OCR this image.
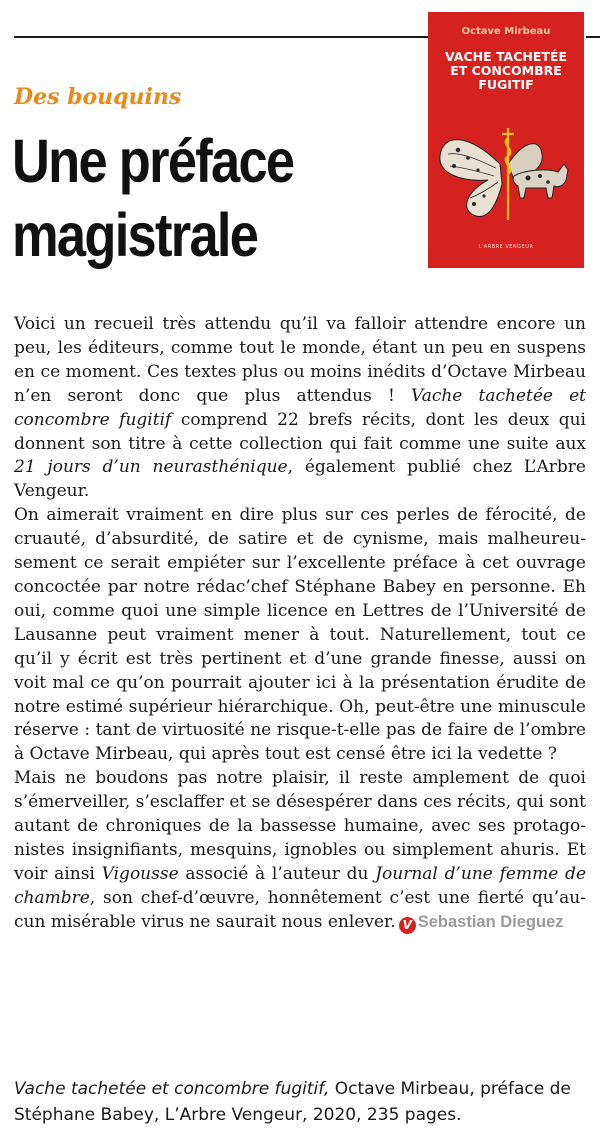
Des bouquins
Une préface magistrale
Octave Mirbeau
VACHE TACHETÉE ET CONCOMBRE FUGITIF
L'ARBRE VENGEUR

Voici un recueil très attendu qu’il va falloir attendre encore un peu, les éditeurs, comme tout le monde, étant un peu en suspens en ce moment. Ces textes plus ou moins inédits d’Octave Mirbeau n’en seront donc que plus attendus ! Vache tachetée et concombre fugitif comprend 22 brefs récits, dont les deux qui donnent son titre à cette collection qui fait comme une suite aux 21 jours d’un neurasthénique, également publié chez L’Arbre Vengeur.

On aimerait vraiment en dire plus sur ces perles de férocité, de cruauté, d’absurdité, de satire et de cynisme, mais malheureusement ce serait empiéter sur l’excellente préface à cet ouvrage concoctée par notre rédac’chef Stéphane Babey en personne. Eh oui, comme quoi une simple licence en Lettres de l’Université de Lausanne peut vraiment mener à tout. Naturellement, tout ce qu’il y écrit est très pertinent et d’une grande finesse, aussi on voit mal ce qu’on pourrait ajouter ici à la présentation érudite de notre estimé supérieur hiérarchique. Oh, peut-être une minuscule réserve : tant de virtuosité ne risque-t-elle pas de faire de l’ombre à Octave Mirbeau, qui après tout est censé être ici la vedette ?

Mais ne boudons pas notre plaisir, il reste amplement de quoi s’émerveiller, s’esclaffer et se désespérer dans ces récits, qui sont autant de chroniques de la bassesse humaine, avec ses protagonistes insignifiants, mesquins, ignobles ou simplement ahuris. Et voir ainsi Vigousse associé à l’auteur du Journal d’une femme de chambre, son chef-d’œuvre, honnêtement c’est une fierté qu’aucun misérable virus ne saurait nous enlever. V Sebastian Dieguez

Vache tachetée et concombre fugitif, Octave Mirbeau, préface de Stéphane Babey, L’Arbre Vengeur, 2020, 235 pages.
